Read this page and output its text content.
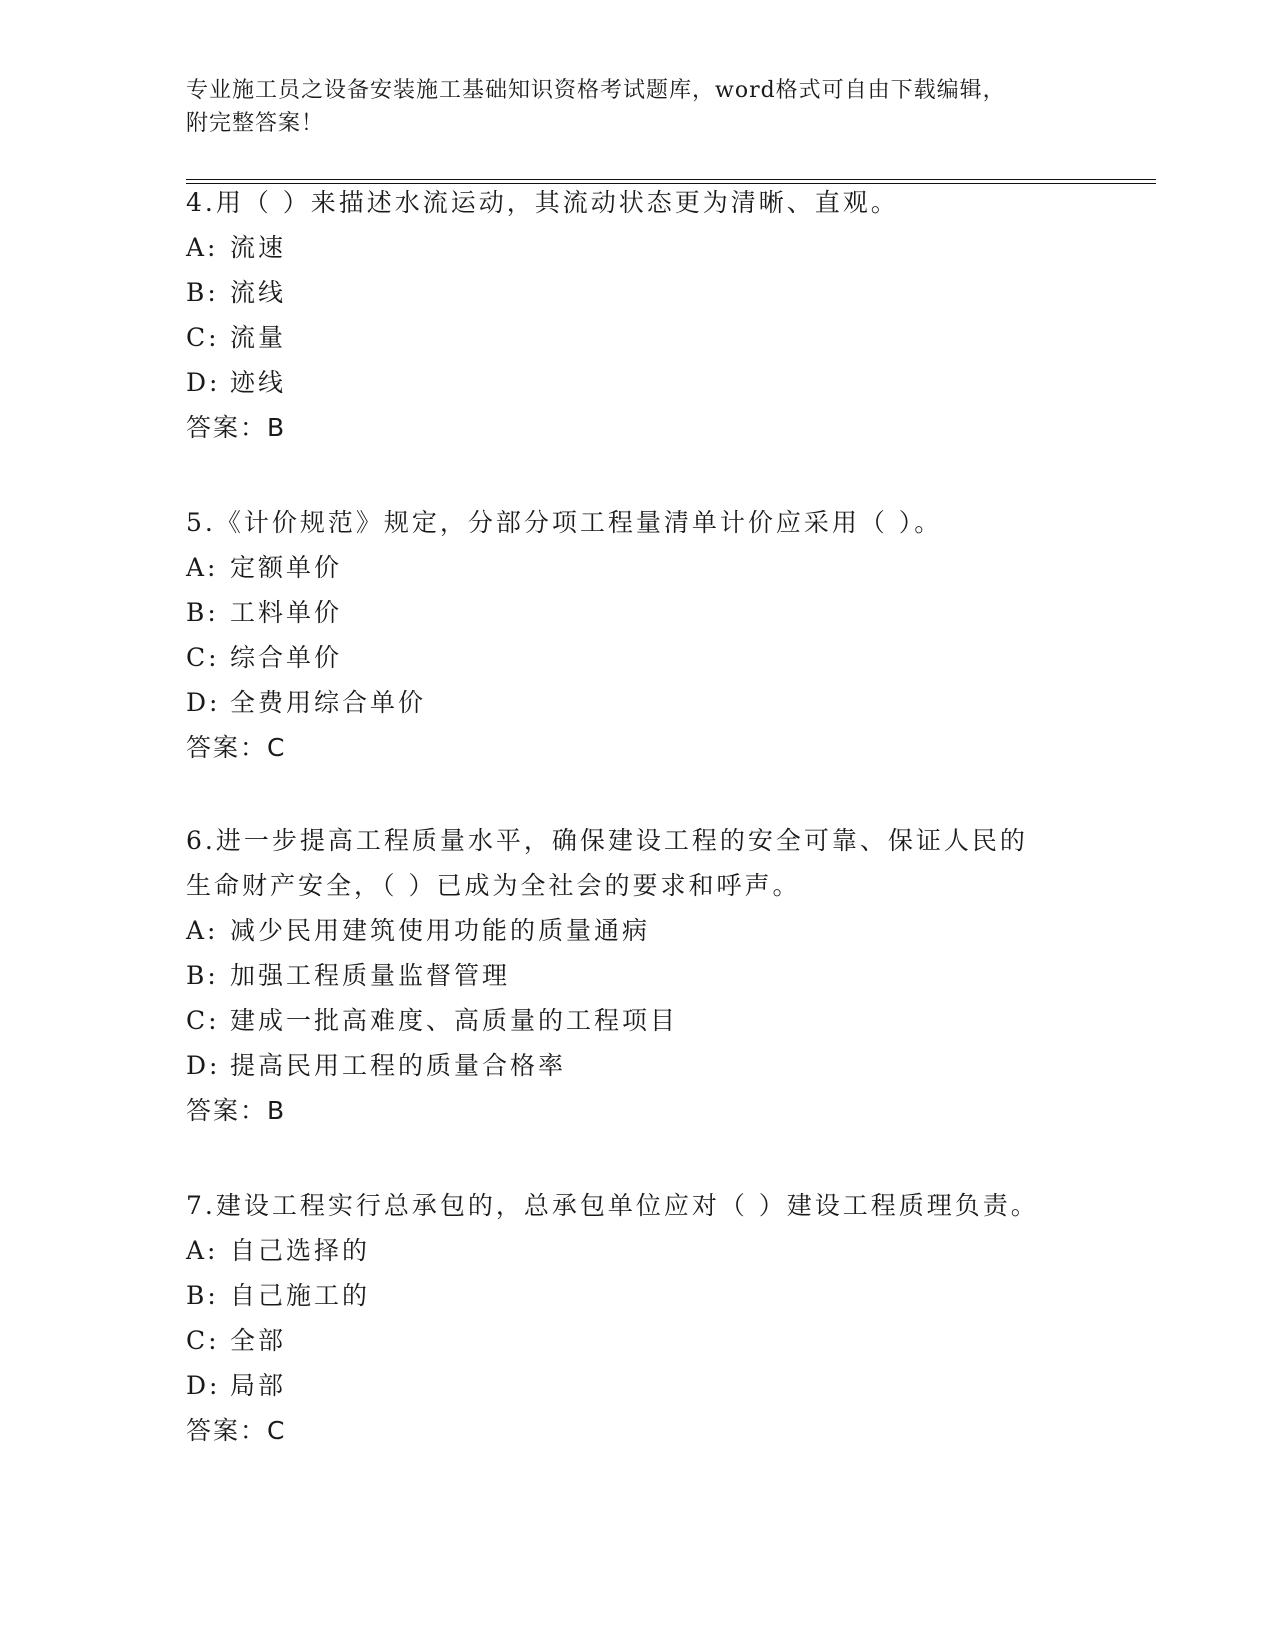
专业施工员之设备安装施工基础知识资格考试题库，word格式可自由下载编辑，
附完整答案！

4.用（ ）来描述水流运动，其流动状态更为清晰、直观。

A: 流速
B: 流线
C: 流量
D: 迹线

答案：B

5.《计价规范》规定，分部分项工程量清单计价应采用（ ）。

A: 定额单价
B: 工料单价
C: 综合单价
D: 全费用综合单价

答案：C

6.进一步提高工程质量水平，确保建设工程的安全可靠、保证人民的

生命财产安全，（ ）已成为全社会的要求和呼声。

A: 减少民用建筑使用功能的质量通病
B: 加强工程质量监督管理
C: 建成一批高难度、高质量的工程项目
D: 提高民用工程的质量合格率

答案：B

7.建设工程实行总承包的，总承包单位应对（ ）建设工程质理负责。

A: 自己选择的
B: 自己施工的
C: 全部
D: 局部

答案：C
